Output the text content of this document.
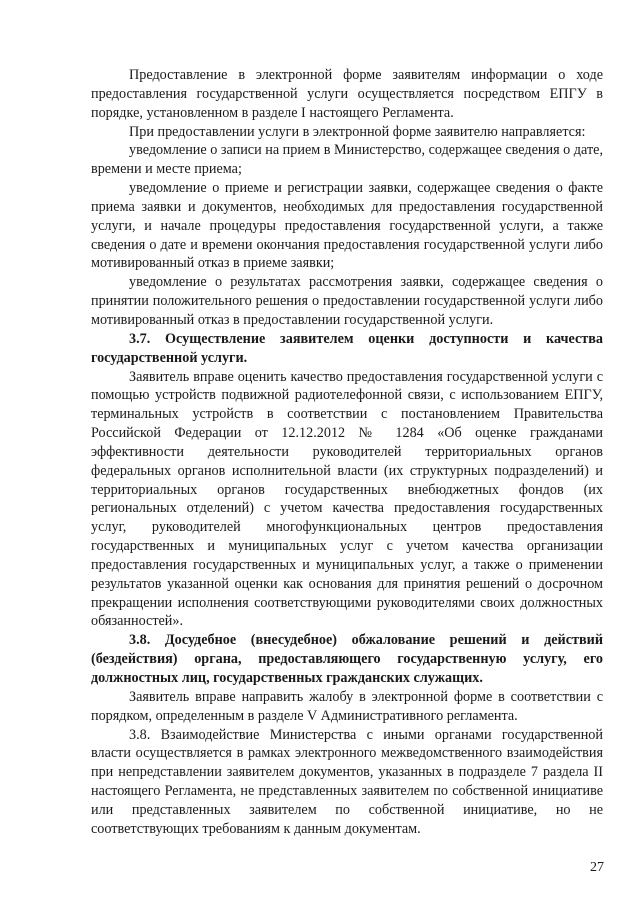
Предоставление в электронной форме заявителям информации о ходе предоставления государственной услуги осуществляется посредством ЕПГУ в порядке, установленном в разделе I настоящего Регламента.

При предоставлении услуги в электронной форме заявителю направляется:

уведомление о записи на прием в Министерство, содержащее сведения о дате, времени и месте приема;

уведомление о приеме и регистрации заявки, содержащее сведения о факте приема заявки и документов, необходимых для предоставления государственной услуги, и начале процедуры предоставления государственной услуги, а также сведения о дате и времени окончания предоставления государственной услуги либо мотивированный отказ в приеме заявки;

уведомление о результатах рассмотрения заявки, содержащее сведения о принятии положительного решения о предоставлении государственной услуги либо мотивированный отказ в предоставлении государственной услуги.

3.7. Осуществление заявителем оценки доступности и качества государственной услуги.

Заявитель вправе оценить качество предоставления государственной услуги с помощью устройств подвижной радиотелефонной связи, с использованием ЕПГУ, терминальных устройств в соответствии с постановлением Правительства Российской Федерации от 12.12.2012 № 1284 «Об оценке гражданами эффективности деятельности руководителей территориальных органов федеральных органов исполнительной власти (их структурных подразделений) и территориальных органов государственных внебюджетных фондов (их региональных отделений) с учетом качества предоставления государственных услуг, руководителей многофункциональных центров предоставления государственных и муниципальных услуг с учетом качества организации предоставления государственных и муниципальных услуг, а также о применении результатов указанной оценки как основания для принятия решений о досрочном прекращении исполнения соответствующими руководителями своих должностных обязанностей».

3.8. Досудебное (внесудебное) обжалование решений и действий (бездействия) органа, предоставляющего государственную услугу, его должностных лиц, государственных гражданских служащих.

Заявитель вправе направить жалобу в электронной форме в соответствии с порядком, определенным в разделе V Административного регламента.

3.8. Взаимодействие Министерства с иными органами государственной власти осуществляется в рамках электронного межведомственного взаимодействия при непредставлении заявителем документов, указанных в подразделе 7 раздела II настоящего Регламента, не представленных заявителем по собственной инициативе или представленных заявителем по собственной инициативе, но не соответствующих требованиям к данным документам.

27
